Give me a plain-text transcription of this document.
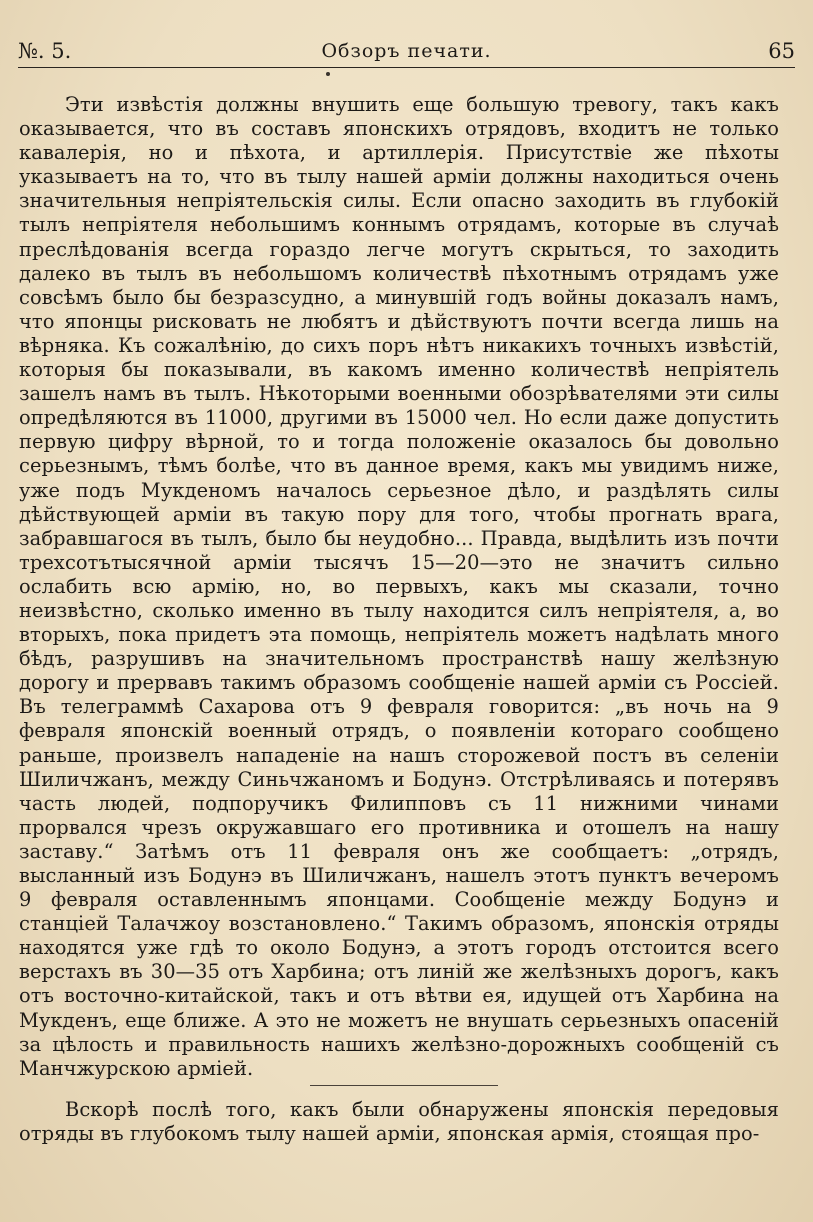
№. 5.	Обзоръ печати.	65
Эти извѣстія должны внушить еще большую тревогу, такъ какъ оказывается, что въ составъ японскихъ отрядовъ, входитъ не только кавалерія, но и пѣхота, и артиллерія. Присутствіе же пѣхоты указываетъ на то, что въ тылу нашей арміи должны находиться очень значительныя непріятельскія силы. Если опасно заходить въ глубокій тылъ непріятеля небольшимъ коннымъ отрядамъ, которые въ случаѣ преслѣдованія всегда гораздо легче могутъ скрыться, то заходить далеко въ тылъ въ небольшомъ количествѣ пѣхотнымъ отрядамъ уже совсѣмъ было бы безразсудно, а минувшій годъ войны доказалъ намъ, что японцы рисковать не любятъ и дѣйствуютъ почти всегда лишь на вѣрняка. Къ сожалѣнію, до сихъ поръ нѣтъ никакихъ точныхъ извѣстій, которыя бы показывали, въ какомъ именно количествѣ непріятель зашелъ намъ въ тылъ. Нѣкоторыми военными обозрѣвателями эти силы опредѣляются въ 11000, другими въ 15000 чел. Но если даже допустить первую цифру вѣрной, то и тогда положеніе оказалось бы довольно серьезнымъ, тѣмъ болѣе, что въ данное время, какъ мы увидимъ ниже, уже подъ Мукденомъ началось серьезное дѣло, и раздѣлять силы дѣйствующей арміи въ такую пору для того, чтобы прогнать врага, забравшагося въ тылъ, было бы неудобно... Правда, выдѣлить изъ почти трехсотътысячной арміи тысячъ 15—20—это не значитъ сильно ослабить всю армію, но, во первыхъ, какъ мы сказали, точно неизвѣстно, сколько именно въ тылу находится силъ непріятеля, а, во вторыхъ, пока придетъ эта помощь, непріятель можетъ надѣлать много бѣдъ, разрушивъ на значительномъ пространствѣ нашу желѣзную дорогу и прервавъ такимъ образомъ сообщеніе нашей арміи съ Россіей. Въ телеграммѣ Сахарова отъ 9 февраля говорится: „въ ночь на 9 февраля японскій военный отрядъ, о появленіи котораго сообщено раньше, произвелъ нападеніе на нашъ сторожевой постъ въ селеніи Шиличжанъ, между Синьчжаномъ и Бодунэ. Отстрѣливаясь и потерявъ часть людей, подпоручикъ Филипповъ съ 11 нижними чинами прорвался чрезъ окружавшаго его противника и отошелъ на нашу заставу.“ Затѣмъ отъ 11 февраля онъ же сообщаетъ: „отрядъ, высланный изъ Бодунэ въ Шиличжанъ, нашелъ этотъ пунктъ вечеромъ 9 февраля оставленнымъ японцами. Сообщеніе между Бодунэ и станціей Талачжоу возстановлено.“ Такимъ образомъ, японскія отряды находятся уже гдѣ то около Бодунэ, а этотъ городъ отстоится всего верстахъ въ 30—35 отъ Харбина; отъ линій же желѣзныхъ дорогъ, какъ отъ восточно-китайской, такъ и отъ вѣтви ея, идущей отъ Харбина на Мукденъ, еще ближе. А это не можетъ не внушать серьезныхъ опасеній за цѣлость и правильность нашихъ желѣзно-дорожныхъ сообщеній съ Манчжурскою арміей.
Вскорѣ послѣ того, какъ были обнаружены японскія передовыя отряды въ глубокомъ тылу нашей арміи, японская армія, стоящая про-
